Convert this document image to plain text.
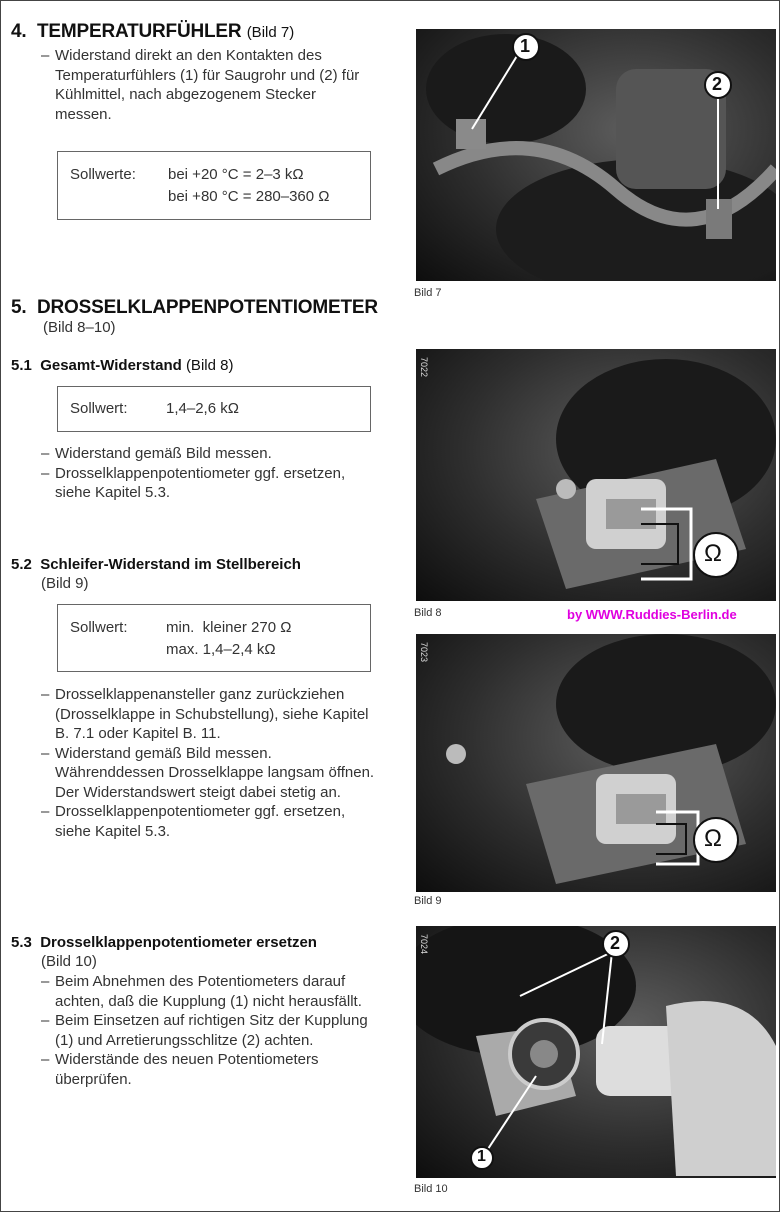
4. TEMPERATURFÜHLER (Bild 7)
– Widerstand direkt an den Kontakten des Temperaturfühlers (1) für Saugrohr und (2) für Kühlmittel, nach abgezogenem Stecker messen.
Sollwerte: bei +20 °C = 2–3 kΩ
bei +80 °C = 280–360 Ω
5. DROSSELKLAPPENPOTENTIOMETER
(Bild 8–10)
5.1 Gesamt-Widerstand (Bild 8)
Sollwert:	1,4–2,6 kΩ
– Widerstand gemäß Bild messen.
– Drosselklappenpotentiometer ggf. ersetzen, siehe Kapitel 5.3.
5.2 Schleifer-Widerstand im Stellbereich
(Bild 9)
Sollwert:	min.  kleiner 270 Ω
max. 1,4–2,4 kΩ
– Drosselklappenansteller ganz zurückziehen (Drosselklappe in Schubstellung), siehe Kapitel B. 7.1 oder Kapitel B. 11.
– Widerstand gemäß Bild messen. Währenddessen Drosselklappe langsam öffnen. Der Widerstandswert steigt dabei stetig an.
– Drosselklappenpotentiometer ggf. ersetzen, siehe Kapitel 5.3.
5.3 Drosselklappenpotentiometer ersetzen
(Bild 10)
– Beim Abnehmen des Potentiometers darauf achten, daß die Kupplung (1) nicht herausfällt.
– Beim Einsetzen auf richtigen Sitz der Kupplung (1) und Arretierungsschlitze (2) achten.
– Widerstände des neuen Potentiometers überprüfen.
1
2
Bild 7
7022
Ω
Bild 8	by WWW.Ruddies-Berlin.de
7023
Ω
Bild 9
7024	2
1
Bild 10
